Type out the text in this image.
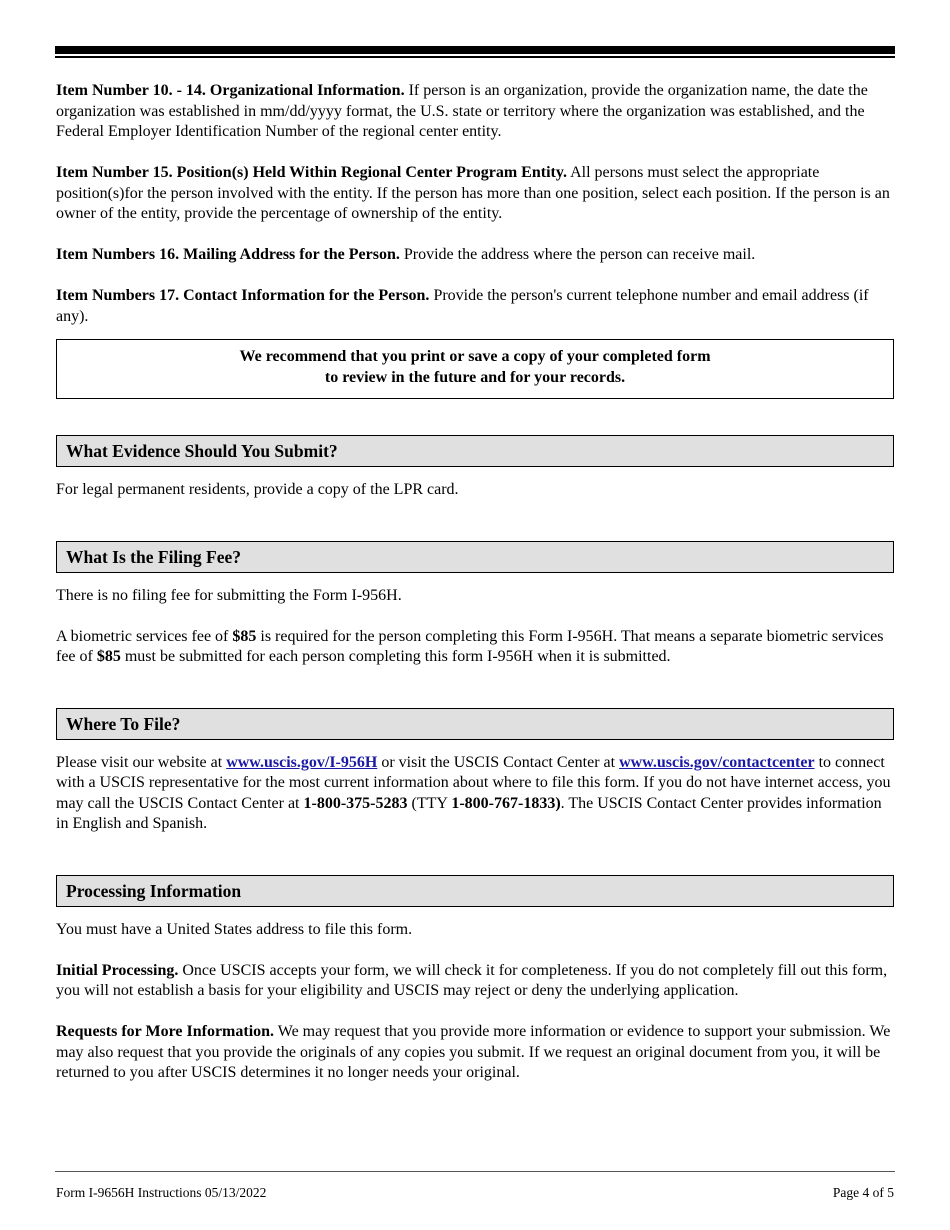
Item Number 10. - 14. Organizational Information. If person is an organization, provide the organization name, the date the organization was established in mm/dd/yyyy format, the U.S. state or territory where the organization was established, and the Federal Employer Identification Number of the regional center entity.

Item Number 15. Position(s) Held Within Regional Center Program Entity. All persons must select the appropriate position(s)for the person involved with the entity. If the person has more than one position, select each position. If the person is an owner of the entity, provide the percentage of ownership of the entity.

Item Numbers 16. Mailing Address for the Person. Provide the address where the person can receive mail.

Item Numbers 17. Contact Information for the Person. Provide the person's current telephone number and email address (if any).

We recommend that you print or save a copy of your completed form
to review in the future and for your records.
What Evidence Should You Submit?

For legal permanent residents, provide a copy of the LPR card.

What Is the Filing Fee?

There is no filing fee for submitting the Form I-956H.

A biometric services fee of $85 is required for the person completing this Form I-956H. That means a separate biometric services fee of $85 must be submitted for each person completing this form I-956H when it is submitted.

Where To File?

Please visit our website at www.uscis.gov/I-956H or visit the USCIS Contact Center at www.uscis.gov/contactcenter to connect with a USCIS representative for the most current information about where to file this form. If you do not have internet access, you may call the USCIS Contact Center at 1-800-375-5283 (TTY 1-800-767-1833). The USCIS Contact Center provides information in English and Spanish.

Processing Information

You must have a United States address to file this form.

Initial Processing. Once USCIS accepts your form, we will check it for completeness. If you do not completely fill out this form, you will not establish a basis for your eligibility and USCIS may reject or deny the underlying application.

Requests for More Information. We may request that you provide more information or evidence to support your submission. We may also request that you provide the originals of any copies you submit. If we request an original document from you, it will be returned to you after USCIS determines it no longer needs your original.

Form I-9656H Instructions 05/13/2022	Page 4 of 5
